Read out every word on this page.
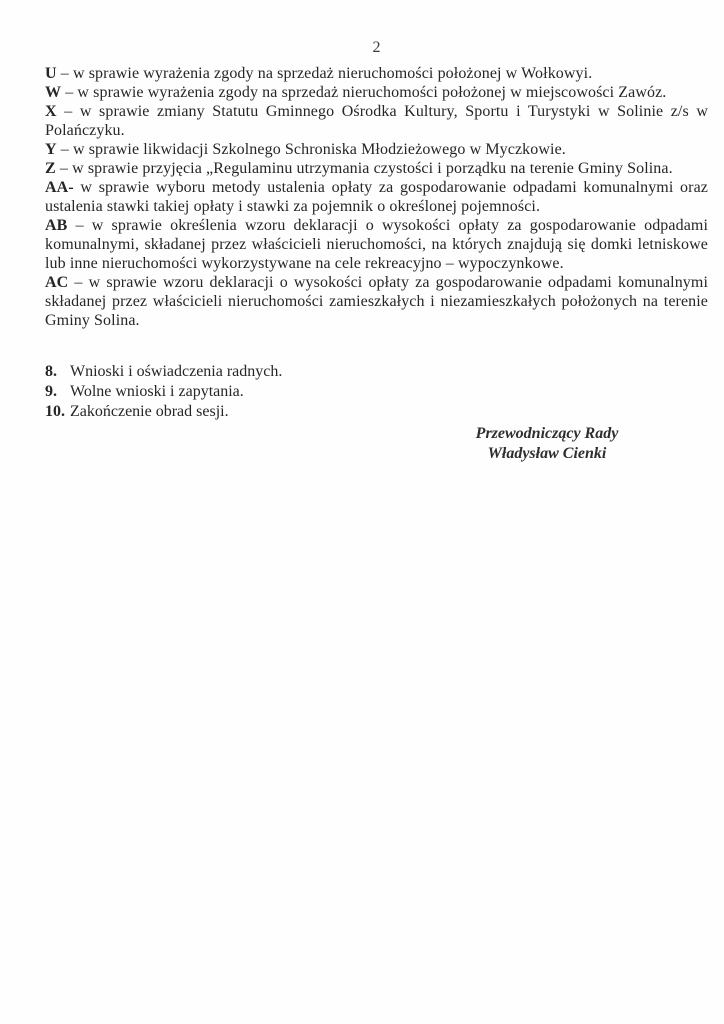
2

U – w sprawie wyrażenia zgody na sprzedaż nieruchomości położonej w Wołkowyi.

W – w sprawie wyrażenia zgody na sprzedaż nieruchomości położonej w miejscowości Zawóz.

X – w sprawie zmiany Statutu Gminnego Ośrodka Kultury, Sportu i Turystyki w Solinie z/s w Polańczyku.

Y – w sprawie likwidacji Szkolnego Schroniska Młodzieżowego w Myczkowie.

Z – w sprawie przyjęcia „Regulaminu utrzymania czystości i porządku na terenie Gminy Solina.

AA- w sprawie wyboru metody ustalenia opłaty za gospodarowanie odpadami komunalnymi oraz ustalenia stawki takiej opłaty i stawki za pojemnik o określonej pojemności.

AB – w sprawie określenia wzoru deklaracji o wysokości opłaty za gospodarowanie odpadami komunalnymi, składanej przez właścicieli nieruchomości, na których znajdują się domki letniskowe lub inne nieruchomości wykorzystywane na cele rekreacyjno – wypoczynkowe.

AC – w sprawie wzoru deklaracji o wysokości opłaty za gospodarowanie odpadami komunalnymi składanej przez właścicieli nieruchomości zamieszkałych i niezamieszkałych położonych na terenie Gminy Solina.

8. Wnioski i oświadczenia radnych.
9. Wolne wnioski i zapytania.
10. Zakończenie obrad sesji.
Przewodniczący Rady
Władysław Cienki
